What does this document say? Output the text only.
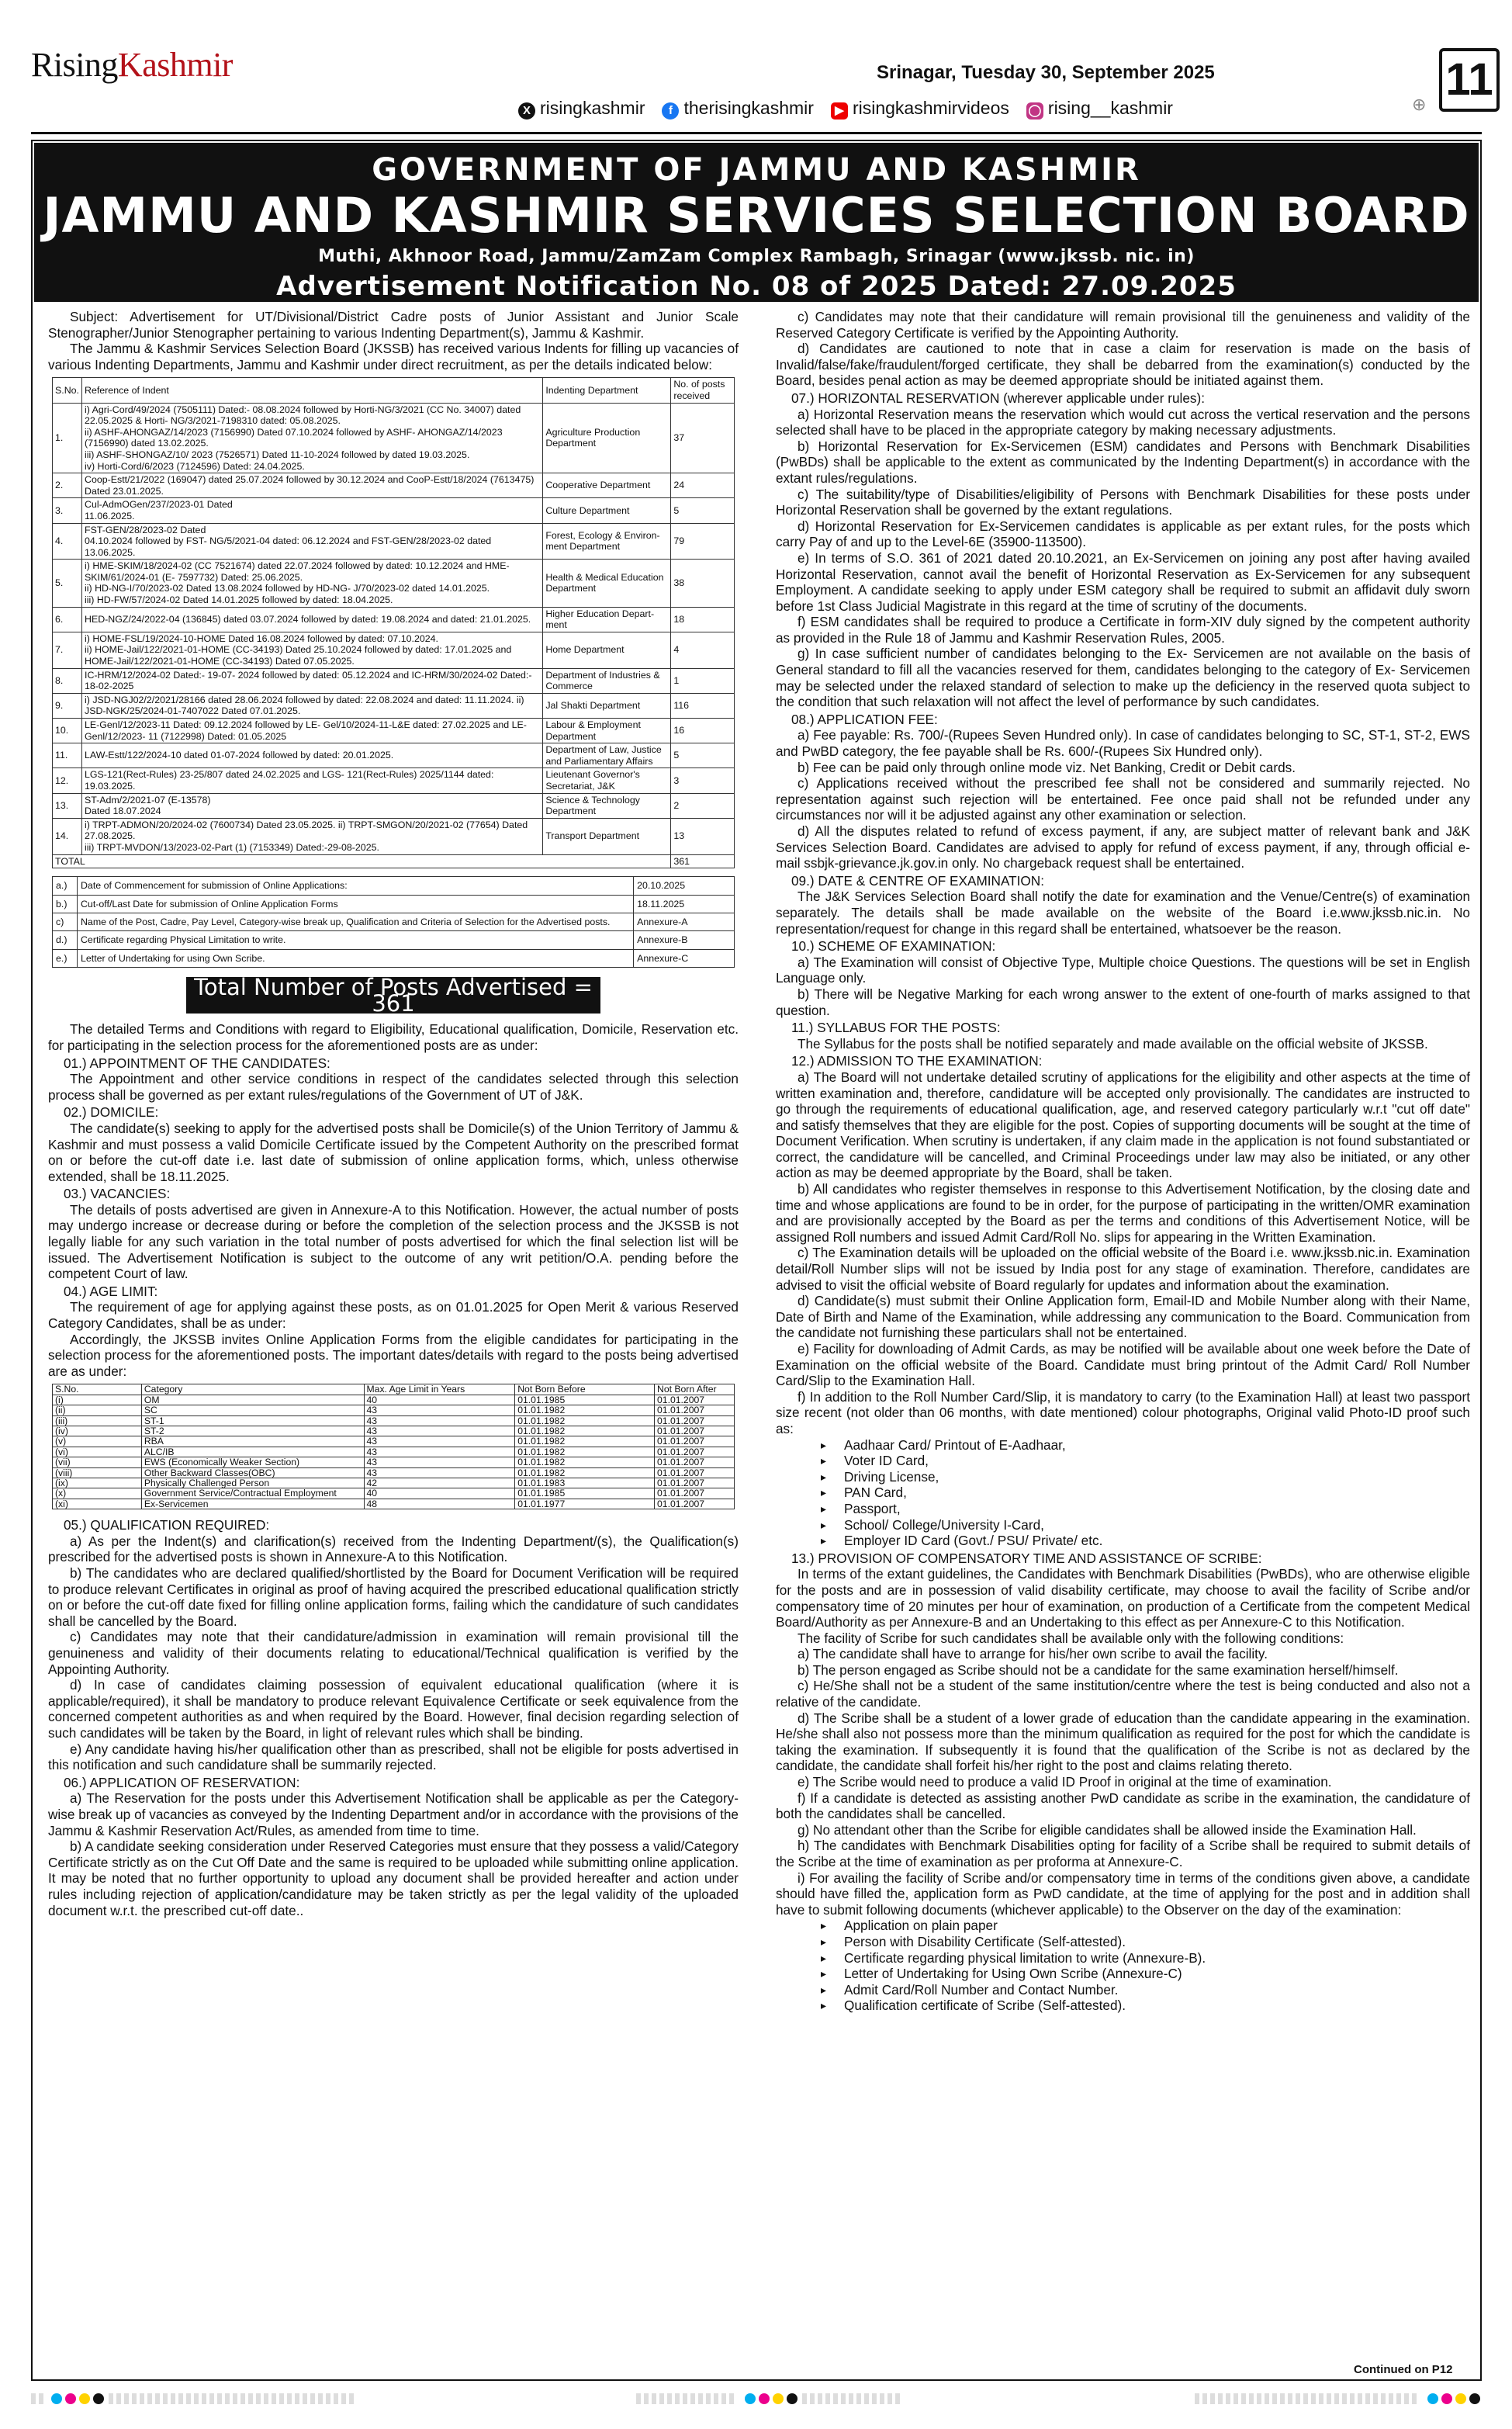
RisingKashmir	Srinagar, Tuesday 30, September 2025
X risingkashmir	f therisingkashmir	▶ risingkashmirvideos ◯ rising__kashmir	⊕ 11
GOVERNMENT OF JAMMU AND KASHMIR
JAMMU AND KASHMIR SERVICES SELECTION BOARD
Muthi, Akhnoor Road, Jammu/ZamZam Complex Rambagh, Srinagar (www.jkssb. nic. in)
Advertisement Notification No. 08 of 2025 Dated: 27.09.2025

Subject: Advertisement for UT/Divisional/District Cadre posts of Junior Assistant and Junior Scale Stenographer/Junior Stenographer pertaining to various Indenting Department(s), Jammu & Kashmir.

The Jammu & Kashmir Services Selection Board (JKSSB) has received various Indents for filling up vacancies of various Indenting Departments, Jammu and Kashmir under direct recruitment, as per the details indicated below:

S.No.	Reference of Indent	Indenting Department	No. of posts received
1.	i) Agri-Cord/49/2024 (7505111) Dated:- 08.08.2024 followed by Horti-NG/3/2021 (CC No. 34007) dated 22.05.2025 & Horti- NG/3/2021-7198310 dated: 05.08.2025.
ii) ASHF-AHONGAZ/14/2023 (7156990) Dated 07.10.2024 followed by ASHF- AHONGAZ/14/2023 (7156990) dated 13.02.2025.
iii) ASHF-SHONGAZ/10/ 2023 (7526571) Dated 11-10-2024 followed by dated 19.03.2025.
iv) Horti-Cord/6/2023 (7124596) Dated: 24.04.2025.	Agriculture Production Department	37
2.	Coop-Estt/21/2022 (169047) dated 25.07.2024 followed by 30.12.2024 and CooP-Estt/18/2024 (7613475) Dated 23.01.2025.	Cooperative Department	24
3.	Cul-AdmOGen/237/2023-01 Dated
11.06.2025.	Culture Department	5
4.	FST-GEN/28/2023-02 Dated
04.10.2024 followed by FST- NG/5/2021-04 dated: 06.12.2024 and FST-GEN/28/2023-02 dated 13.06.2025.	Forest, Ecology & Environ-ment Department	79
5.	i) HME-SKIM/18/2024-02 (CC 7521674) dated 22.07.2024 followed by dated: 10.12.2024 and HME-SKIM/61/2024-01 (E- 7597732) Dated: 25.06.2025.
ii) HD-NG-I/70/2023-02 Dated 13.08.2024 followed by HD-NG- J/70/2023-02 dated 14.01.2025.
iii) HD-FW/57/2024-02 Dated 14.01.2025 followed by dated: 18.04.2025.	Health & Medical Education Department	38
6.	HED-NGZ/24/2022-04 (136845) dated 03.07.2024 followed by dated: 19.08.2024 and dated: 21.01.2025.	Higher Education Depart-ment	18
7.	i) HOME-FSL/19/2024-10-HOME Dated 16.08.2024 followed by dated: 07.10.2024.
ii) HOME-Jail/122/2021-01-HOME (CC-34193) Dated 25.10.2024 followed by dated: 17.01.2025 and HOME-Jail/122/2021-01-HOME (CC-34193) Dated 07.05.2025.	Home Department	4
8.	IC-HRM/12/2024-02 Dated:- 19-07- 2024 followed by dated: 05.12.2024 and IC-HRM/30/2024-02 Dated:- 18-02-2025	Department of Industries & Commerce	1
9.	i) JSD-NGJ02/2/2021/28166 dated 28.06.2024 followed by dated: 22.08.2024 and dated: 11.11.2024. ii) JSD-NGK/25/2024-01-7407022 Dated 07.01.2025.	Jal Shakti Department	116
10.	LE-Genl/12/2023-11 Dated: 09.12.2024 followed by LE- Gel/10/2024-11-L&E dated: 27.02.2025 and LE-Genl/12/2023- 11 (7122998) Dated: 01.05.2025	Labour & Employment Department	16
11.	LAW-Estt/122/2024-10 dated 01-07-2024 followed by dated: 20.01.2025.	Department of Law, Justice and Parliamentary Affairs	5
12.	LGS-121(Rect-Rules) 23-25/807 dated 24.02.2025 and LGS- 121(Rect-Rules) 2025/1144 dated: 19.03.2025.	Lieutenant Governor's Secretariat, J&K	3
13.	ST-Adm/2/2021-07 (E-13578)
Dated 18.07.2024	Science & Technology Department	2
14.	i) TRPT-ADMON/20/2024-02 (7600734) Dated 23.05.2025. ii) TRPT-SMGON/20/2021-02 (77654) Dated 27.08.2025.
iii) TRPT-MVDON/13/2023-02-Part (1) (7153349) Dated:-29-08-2025.	Transport Department	13
TOTAL			361
a.)	Date of Commencement for submission of Online Applications:	20.10.2025
b.)	Cut-off/Last Date for submission of Online Application Forms	18.11.2025
c)	Name of the Post, Cadre, Pay Level, Category-wise break up, Qualification and Criteria of Selection for the Advertised posts.	Annexure-A
d.)	Certificate regarding Physical Limitation to write.	Annexure-B
e.)	Letter of Undertaking for using Own Scribe.	Annexure-C
Total Number of Posts Advertised = 361

The detailed Terms and Conditions with regard to Eligibility, Educational qualification, Domicile, Reservation etc. for participating in the selection process for the aforementioned posts are as under:

01.) APPOINTMENT OF THE CANDIDATES:

The Appointment and other service conditions in respect of the candidates selected through this selection process shall be governed as per extant rules/regulations of the Government of UT of J&K.

02.) DOMICILE:

The candidate(s) seeking to apply for the advertised posts shall be Domicile(s) of the Union Territory of Jammu & Kashmir and must possess a valid Domicile Certificate issued by the Competent Authority on the prescribed format on or before the cut-off date i.e. last date of submission of online application forms, which, unless otherwise extended, shall be 18.11.2025.

03.) VACANCIES:

The details of posts advertised are given in Annexure-A to this Notification. However, the actual number of posts may undergo increase or decrease during or before the completion of the selection process and the JKSSB is not legally liable for any such variation in the total number of posts advertised for which the final selection list will be issued. The Advertisement Notification is subject to the outcome of any writ petition/O.A. pending before the competent Court of law.

04.) AGE LIMIT:

The requirement of age for applying against these posts, as on 01.01.2025 for Open Merit & various Reserved Category Candidates, shall be as under:

Accordingly, the JKSSB invites Online Application Forms from the eligible candidates for participating in the selection process for the aforementioned posts. The important dates/details with regard to the posts being advertised are as under:

S.No.	Category	Max. Age Limit in Years	Not Born Before	Not Born After
(i)	OM	40	01.01.1985	01.01.2007
(ii)	SC	43	01.01.1982	01.01.2007
(iii)	ST-1	43	01.01.1982	01.01.2007
(iv)	ST-2	43	01.01.1982	01.01.2007
(v)	RBA	43	01.01.1982	01.01.2007
(vi)	ALC/IB	43	01.01.1982	01.01.2007
(vii)	EWS (Economically Weaker Section)	43	01.01.1982	01.01.2007
(viii)	Other Backward Classes(OBC)	43	01.01.1982	01.01.2007
(ix)	Physically Challenged Person	42	01.01.1983	01.01.2007
(x)	Government Service/Contractual Employment	40	01.01.1985	01.01.2007
(xi)	Ex-Servicemen	48	01.01.1977	01.01.2007

05.) QUALIFICATION REQUIRED:

a) As per the Indent(s) and clarification(s) received from the Indenting Department/(s), the Qualification(s) prescribed for the advertised posts is shown in Annexure-A to this Notification.

b) The candidates who are declared qualified/shortlisted by the Board for Document Verification will be required to produce relevant Certificates in original as proof of having acquired the prescribed educational qualification strictly on or before the cut-off date fixed for filling online application forms, failing which the candidature of such candidates shall be cancelled by the Board.

c) Candidates may note that their candidature/admission in examination will remain provisional till the genuineness and validity of their documents relating to educational/Technical qualification is verified by the Appointing Authority.

d) In case of candidates claiming possession of equivalent educational qualification (where it is applicable/required), it shall be mandatory to produce relevant Equivalence Certificate or seek equivalence from the concerned competent authorities as and when required by the Board. However, final decision regarding selection of such candidates will be taken by the Board, in light of relevant rules which shall be binding.

e) Any candidate having his/her qualification other than as prescribed, shall not be eligible for posts advertised in this notification and such candidature shall be summarily rejected.

06.) APPLICATION OF RESERVATION:

a) The Reservation for the posts under this Advertisement Notification shall be applicable as per the Category-wise break up of vacancies as conveyed by the Indenting Department and/or in accordance with the provisions of the Jammu & Kashmir Reservation Act/Rules, as amended from time to time.

b) A candidate seeking consideration under Reserved Categories must ensure that they possess a valid/Category Certificate strictly as on the Cut Off Date and the same is required to be uploaded while submitting online application. It may be noted that no further opportunity to upload any document shall be provided hereafter and action under rules including rejection of application/candidature may be taken strictly as per the legal validity of the uploaded document w.r.t. the prescribed cut-off date..

c) Candidates may note that their candidature will remain provisional till the genuineness and validity of the Reserved Category Certificate is verified by the Appointing Authority.

d) Candidates are cautioned to note that in case a claim for reservation is made on the basis of Invalid/false/fake/fraudulent/forged certificate, they shall be debarred from the examination(s) conducted by the Board, besides penal action as may be deemed appropriate should be initiated against them.

07.) HORIZONTAL RESERVATION (wherever applicable under rules):

a) Horizontal Reservation means the reservation which would cut across the vertical reservation and the persons selected shall have to be placed in the appropriate category by making necessary adjustments.

b) Horizontal Reservation for Ex-Servicemen (ESM) candidates and Persons with Benchmark Disabilities (PwBDs) shall be applicable to the extent as communicated by the Indenting Department(s) in accordance with the extant rules/regulations.

c) The suitability/type of Disabilities/eligibility of Persons with Benchmark Disabilities for these posts under Horizontal Reservation shall be governed by the extant regulations.

d) Horizontal Reservation for Ex-Servicemen candidates is applicable as per extant rules, for the posts which carry Pay of and up to the Level-6E (35900-113500).

e) In terms of S.O. 361 of 2021 dated 20.10.2021, an Ex-Servicemen on joining any post after having availed Horizontal Reservation, cannot avail the benefit of Horizontal Reservation as Ex-Servicemen for any subsequent Employment. A candidate seeking to apply under ESM category shall be required to submit an affidavit duly sworn before 1st Class Judicial Magistrate in this regard at the time of scrutiny of the documents.

f) ESM candidates shall be required to produce a Certificate in form-XIV duly signed by the competent authority as provided in the Rule 18 of Jammu and Kashmir Reservation Rules, 2005.

g) In case sufficient number of candidates belonging to the Ex- Servicemen are not available on the basis of General standard to fill all the vacancies reserved for them, candidates belonging to the category of Ex- Servicemen may be selected under the relaxed standard of selection to make up the deficiency in the reserved quota subject to the condition that such relaxation will not affect the level of performance by such candidates.

08.) APPLICATION FEE:

a) Fee payable: Rs. 700/-(Rupees Seven Hundred only). In case of candidates belonging to SC, ST-1, ST-2, EWS and PwBD category, the fee payable shall be Rs. 600/-(Rupees Six Hundred only).

b) Fee can be paid only through online mode viz. Net Banking, Credit or Debit cards.

c) Applications received without the prescribed fee shall not be considered and summarily rejected. No representation against such rejection will be entertained. Fee once paid shall not be refunded under any circumstances nor will it be adjusted against any other examination or selection.

d) All the disputes related to refund of excess payment, if any, are subject matter of relevant bank and J&K Services Selection Board. Candidates are advised to apply for refund of excess payment, if any, through official e-mail ssbjk-grievance.jk.gov.in only. No chargeback request shall be entertained.

09.) DATE & CENTRE OF EXAMINATION:

The J&K Services Selection Board shall notify the date for examination and the Venue/Centre(s) of examination separately. The details shall be made available on the website of the Board i.e.www.jkssb.nic.in. No representation/request for change in this regard shall be entertained, whatsoever be the reason.

10.) SCHEME OF EXAMINATION:

a) The Examination will consist of Objective Type, Multiple choice Questions. The questions will be set in English Language only.

b) There will be Negative Marking for each wrong answer to the extent of one-fourth of marks assigned to that question.

11.) SYLLABUS FOR THE POSTS:

The Syllabus for the posts shall be notified separately and made available on the official website of JKSSB.

12.) ADMISSION TO THE EXAMINATION:

a) The Board will not undertake detailed scrutiny of applications for the eligibility and other aspects at the time of written examination and, therefore, candidature will be accepted only provisionally. The candidates are instructed to go through the requirements of educational qualification, age, and reserved category particularly w.r.t "cut off date" and satisfy themselves that they are eligible for the post. Copies of supporting documents will be sought at the time of Document Verification. When scrutiny is undertaken, if any claim made in the application is not found substantiated or correct, the candidature will be cancelled, and Criminal Proceedings under law may also be initiated, or any other action as may be deemed appropriate by the Board, shall be taken.

b) All candidates who register themselves in response to this Advertisement Notification, by the closing date and time and whose applications are found to be in order, for the purpose of participating in the written/OMR examination and are provisionally accepted by the Board as per the terms and conditions of this Advertisement Notice, will be assigned Roll numbers and issued Admit Card/Roll No. slips for appearing in the Written Examination.

c) The Examination details will be uploaded on the official website of the Board i.e. www.jkssb.nic.in. Examination detail/Roll Number slips will not be issued by India post for any stage of examination. Therefore, candidates are advised to visit the official website of Board regularly for updates and information about the examination.

d) Candidate(s) must submit their Online Application form, Email-ID and Mobile Number along with their Name, Date of Birth and Name of the Examination, while addressing any communication to the Board. Communication from the candidate not furnishing these particulars shall not be entertained.

e) Facility for downloading of Admit Cards, as may be notified will be available about one week before the Date of Examination on the official website of the Board. Candidate must bring printout of the Admit Card/ Roll Number Card/Slip to the Examination Hall.

f) In addition to the Roll Number Card/Slip, it is mandatory to carry (to the Examination Hall) at least two passport size recent (not older than 06 months, with date mentioned) colour photographs, Original valid Photo-ID proof such as:

▸ Aadhaar Card/ Printout of E-Aadhaar,
▸ Voter ID Card,
▸ Driving License,
▸ PAN Card,
▸ Passport,
▸ School/ College/University I-Card,
▸ Employer ID Card (Govt./ PSU/ Private/ etc.

13.) PROVISION OF COMPENSATORY TIME AND ASSISTANCE OF SCRIBE:

In terms of the extant guidelines, the Candidates with Benchmark Disabilities (PwBDs), who are otherwise eligible for the posts and are in possession of valid disability certificate, may choose to avail the facility of Scribe and/or compensatory time of 20 minutes per hour of examination, on production of a Certificate from the competent Medical Board/Authority as per Annexure-B and an Undertaking to this effect as per Annexure-C to this Notification.

The facility of Scribe for such candidates shall be available only with the following conditions:

a) The candidate shall have to arrange for his/her own scribe to avail the facility.

b) The person engaged as Scribe should not be a candidate for the same examination herself/himself.

c) He/She shall not be a student of the same institution/centre where the test is being conducted and also not a relative of the candidate.

d) The Scribe shall be a student of a lower grade of education than the candidate appearing in the examination. He/she shall also not possess more than the minimum qualification as required for the post for which the candidate is taking the examination. If subsequently it is found that the qualification of the Scribe is not as declared by the candidate, the candidate shall forfeit his/her right to the post and claims relating thereto.

e) The Scribe would need to produce a valid ID Proof in original at the time of examination.

f) If a candidate is detected as assisting another PwD candidate as scribe in the examination, the candidature of both the candidates shall be cancelled.

g) No attendant other than the Scribe for eligible candidates shall be allowed inside the Examination Hall.

h) The candidates with Benchmark Disabilities opting for facility of a Scribe shall be required to submit details of the Scribe at the time of examination as per proforma at Annexure-C.

i) For availing the facility of Scribe and/or compensatory time in terms of the conditions given above, a candidate should have filled the, application form as PwD candidate, at the time of applying for the post and in addition shall have to submit following documents (whichever applicable) to the Observer on the day of the examination:

▸ Application on plain paper
▸ Person with Disability Certificate (Self-attested).
▸ Certificate regarding physical limitation to write (Annexure-B).
▸ Letter of Undertaking for Using Own Scribe (Annexure-C)
▸ Admit Card/Roll Number and Contact Number.
▸ Qualification certificate of Scribe (Self-attested).
Continued on P12
